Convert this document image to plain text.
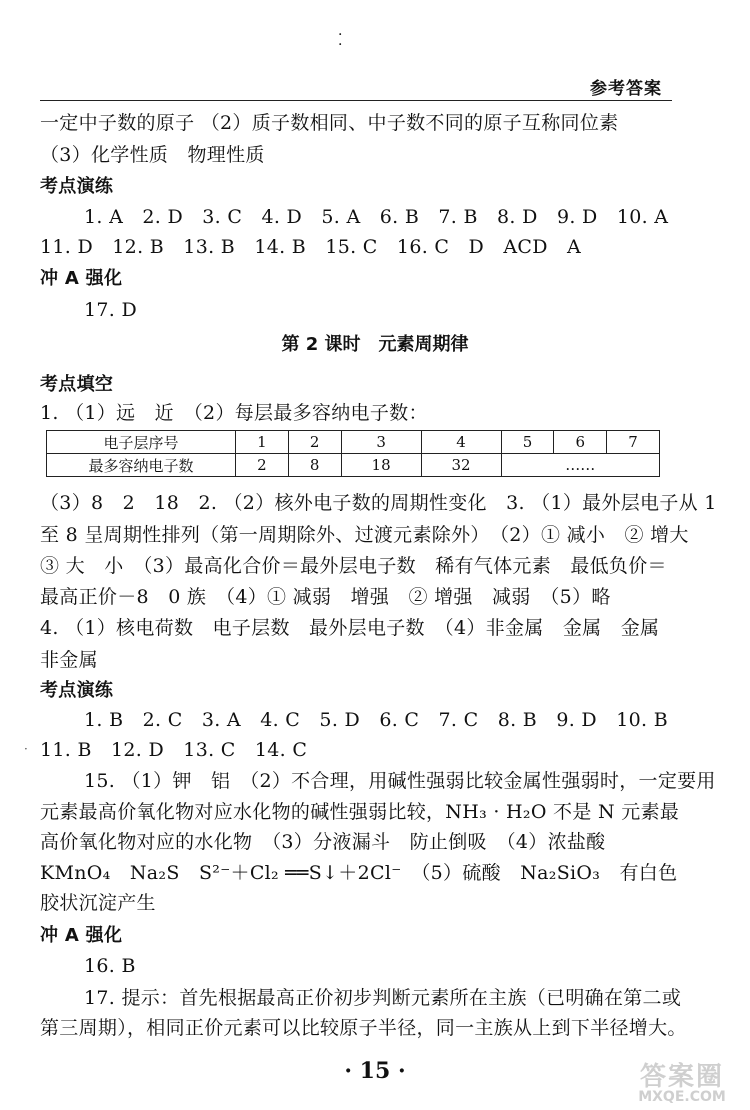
·
·
参考答案
一定中子数的原子 （2）质子数相同、中子数不同的原子互称同位素
（3）化学性质　物理性质
考点演练
1. A　2. D　3. C　4. D　5. A　6. B　7. B　8. D　9. D　10. A
11. D　12. B　13. B　14. B　15. C　16. C　D　ACD　A
冲 A 强化
17. D
第 2 课时　元素周期律
考点填空
1. （1）远　近　（2）每层最多容纳电子数：
电子层序号	1	2	3	4	5	6	7
最多容纳电子数	2	8	18	32	……		
（3）8　2　18　2. （2）核外电子数的周期性变化　3. （1）最外层电子从 1
至 8 呈周期性排列（第一周期除外、过渡元素除外）　（2）① 减小　② 增大
③ 大　小　（3）最高化合价＝最外层电子数　稀有气体元素　最低负价＝
最高正价－8　0 族　（4）① 减弱　增强　② 增强　减弱　（5）略
4. （1）核电荷数　电子层数　最外层电子数　（4）非金属　金属　金属
非金属
考点演练
1. B　2. C　3. A　4. C　5. D　6. C　7. C　8. B　9. D　10. B
· 11. B　12. D　13. C　14. C
15. （1）钾　铝　（2）不合理，用碱性强弱比较金属性强弱时，一定要用
元素最高价氧化物对应水化物的碱性强弱比较，NH₃ · H₂O 不是 N 元素最
高价氧化物对应的水化物　（3）分液漏斗　防止倒吸　（4）浓盐酸
KMnO₄　Na₂S　S²⁻＋Cl₂ ══S↓＋2Cl⁻　（5）硫酸　Na₂SiO₃　有白色
胶状沉淀产生
冲 A 强化
16. B
17. 提示：首先根据最高正价初步判断元素所在主族（已明确在第二或
第三周期），相同正价元素可以比较原子半径，同一主族从上到下半径增大。
· 15 ·	答案圈
MXQE.COM
